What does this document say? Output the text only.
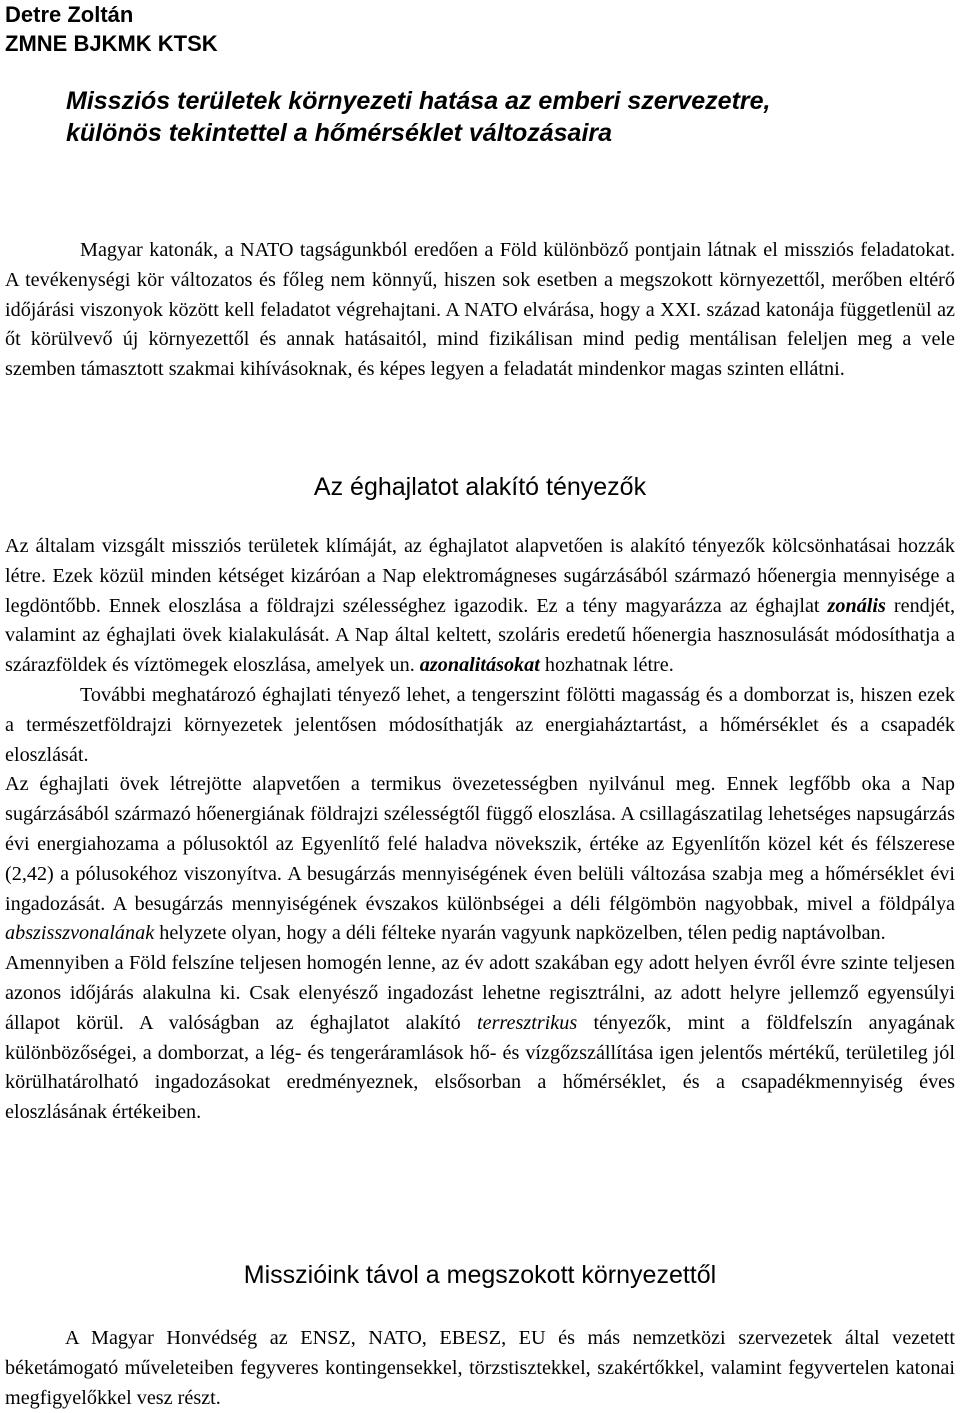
Detre Zoltán
ZMNE BJKMK KTSK
Missziós területek környezeti hatása az emberi szervezetre,
különös tekintettel a hőmérséklet változásaira

Magyar katonák, a NATO tagságunkból eredően a Föld különböző pontjain látnak el missziós feladatokat. A tevékenységi kör változatos és főleg nem könnyű, hiszen sok esetben a megszokott környezettől, merőben eltérő időjárási viszonyok között kell feladatot végrehajtani. A NATO elvárása, hogy a XXI. század katonája függetlenül az őt körülvevő új környezettől és annak hatásaitól, mind fizikálisan mind pedig mentálisan feleljen meg a vele szemben támasztott szakmai kihívásoknak, és képes legyen a feladatát mindenkor magas szinten ellátni.

Az éghajlatot alakító tényezők

Az általam vizsgált missziós területek klímáját, az éghajlatot alapvetően is alakító tényezők kölcsönhatásai hozzák létre. Ezek közül minden kétséget kizáróan a Nap elektromágneses sugárzásából származó hőenergia mennyisége a legdöntőbb. Ennek eloszlása a földrajzi szélességhez igazodik. Ez a tény magyarázza az éghajlat zonális rendjét, valamint az éghajlati övek kialakulását. A Nap által keltett, szoláris eredetű hőenergia hasznosulását módosíthatja a szárazföldek és víztömegek eloszlása, amelyek un. azonalitásokat hozhatnak létre.

További meghatározó éghajlati tényező lehet, a tengerszint fölötti magasság és a domborzat is, hiszen ezek a természetföldrajzi környezetek jelentősen módosíthatják az energiaháztartást, a hőmérséklet és a csapadék eloszlását.

Az éghajlati övek létrejötte alapvetően a termikus övezetességben nyilvánul meg. Ennek legfőbb oka a Nap sugárzásából származó hőenergiának földrajzi szélességtől függő eloszlása. A csillagászatilag lehetséges napsugárzás évi energiahozama a pólusoktól az Egyenlítő felé haladva növekszik, értéke az Egyenlítőn közel két és félszerese (2,42) a pólusokéhoz viszonyítva. A besugárzás mennyiségének éven belüli változása szabja meg a hőmérséklet évi ingadozását. A besugárzás mennyiségének évszakos különbségei a déli félgömbön nagyobbak, mivel a földpálya abszisszvonalának helyzete olyan, hogy a déli félteke nyarán vagyunk napközelben, télen pedig naptávolban.

Amennyiben a Föld felszíne teljesen homogén lenne, az év adott szakában egy adott helyen évről évre szinte teljesen azonos időjárás alakulna ki. Csak elenyésző ingadozást lehetne regisztrálni, az adott helyre jellemző egyensúlyi állapot körül. A valóságban az éghajlatot alakító terresztrikus tényezők, mint a földfelszín anyagának különbözőségei, a domborzat, a lég- és tengeráramlások hő- és vízgőzszállítása igen jelentős mértékű, területileg jól körülhatárolható ingadozásokat eredményeznek, elsősorban a hőmérséklet, és a csapadékmennyiség éves eloszlásának értékeiben.

Misszióink távol a megszokott környezettől

A Magyar Honvédség az ENSZ, NATO, EBESZ, EU és más nemzetközi szervezetek által vezetett béketámogató műveleteiben fegyveres kontingensekkel, törzstisztekkel, szakértőkkel, valamint fegyvertelen katonai megfigyelőkkel vesz részt.
